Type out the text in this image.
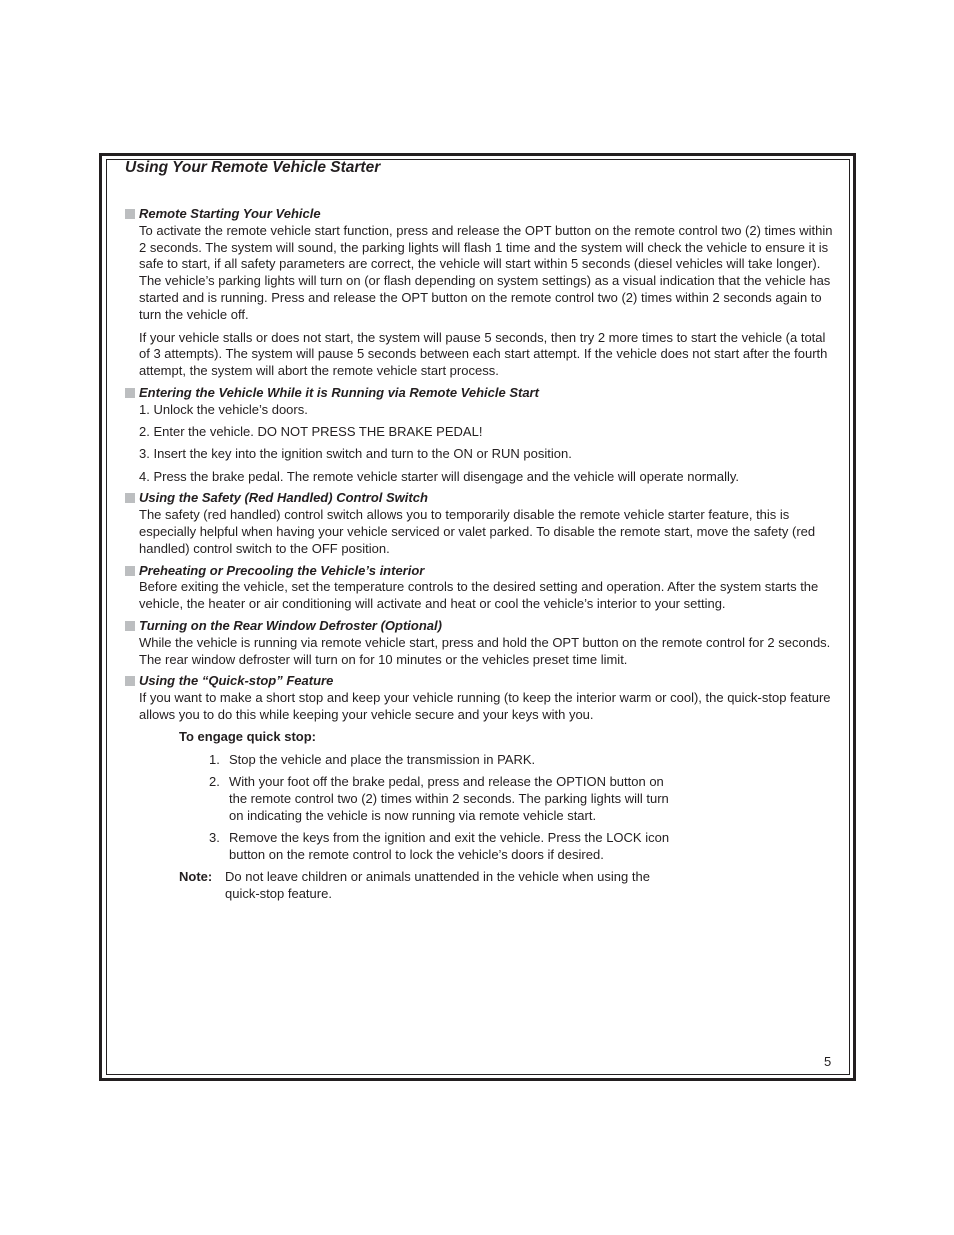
Using Your Remote Vehicle Starter
Remote Starting Your Vehicle

To activate the remote vehicle start function, press and release the OPT button on the remote control two (2) times within 2 seconds. The system will sound, the parking lights will flash 1 time and the system will check the vehicle to ensure it is safe to start, if all safety parameters are correct, the vehicle will start within 5 seconds (diesel vehicles will take longer). The vehicle’s parking lights will turn on (or flash depending on system settings) as a visual indication that the vehicle has started and is running. Press and release the OPT button on the remote control two (2) times within 2 seconds again to turn the vehicle off.

If your vehicle stalls or does not start, the system will pause 5 seconds, then try 2 more times to start the vehicle (a total of 3 attempts). The system will pause 5 seconds between each start attempt. If the vehicle does not start after the fourth attempt, the system will abort the remote vehicle start process.

Entering the Vehicle While it is Running via Remote Vehicle Start
1. Unlock the vehicle’s doors.
2. Enter the vehicle. DO NOT PRESS THE BRAKE PEDAL!
3. Insert the key into the ignition switch and turn to the ON or RUN position.
4. Press the brake pedal. The remote vehicle starter will disengage and the vehicle will operate normally.
Using the Safety (Red Handled) Control Switch

The safety (red handled) control switch allows you to temporarily disable the remote vehicle starter feature, this is especially helpful when having your vehicle serviced or valet parked. To disable the remote start, move the safety (red handled) control switch to the OFF position.

Preheating or Precooling the Vehicle’s interior

Before exiting the vehicle, set the temperature controls to the desired setting and operation. After the system starts the vehicle, the heater or air conditioning will activate and heat or cool the vehicle’s interior to your setting.

Turning on the Rear Window Defroster (Optional)

While the vehicle is running via remote vehicle start, press and hold the OPT button on the remote control for 2 seconds. The rear window defroster will turn on for 10 minutes or the vehicles preset time limit.

Using the “Quick-stop” Feature

If you want to make a short stop and keep your vehicle running (to keep the interior warm or cool), the quick-stop feature allows you to do this while keeping your vehicle secure and your keys with you.

To engage quick stop:
1. Stop the vehicle and place the transmission in PARK.
2. With your foot off the brake pedal, press and release the OPTION button on
the remote control two (2) times within 2 seconds. The parking lights will turn
on indicating the vehicle is now running via remote vehicle start.
3. Remove the keys from the ignition and exit the vehicle. Press the LOCK icon
button on the remote control to lock the vehicle’s doors if desired.
Note: Do not leave children or animals unattended in the vehicle when using the
quick-stop feature.
5
